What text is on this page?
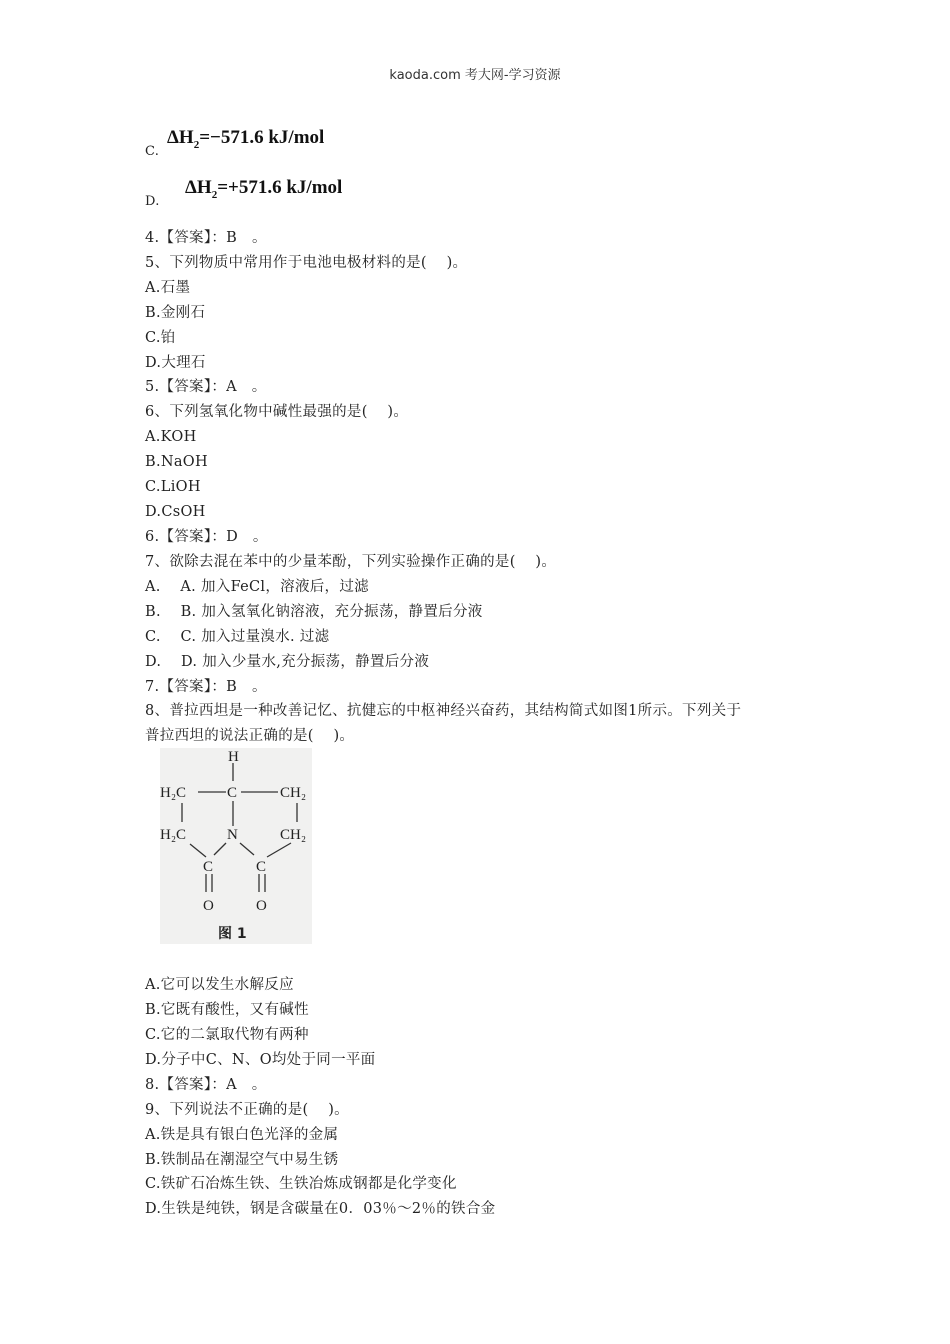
kaoda.com 考大网-学习资源
C.
$\Delta H_2=-571.6$ kJ/mol
D.
$\Delta H_2=+571.6$ kJ/mol
4.【答案】：B　。
5、下列物质中常用作于电池电极材料的是(　 )。
A.石墨
B.金刚石
C.铂
D.大理石
5.【答案】：A　。
6、下列氢氧化物中碱性最强的是(　 )。
A.KOH
B.NaOH
C.LiOH
D.CsOH
6.【答案】：D　。
7、欲除去混在苯中的少量苯酚，下列实验操作正确的是(　 )。
A.　 A. 加入FeCl，溶液后，过滤
B.　 B. 加入氢氧化钠溶液，充分振荡，静置后分液
C.　 C. 加入过量溴水. 过滤
D.　 D. 加入少量水,充分振荡，静置后分液
7.【答案】：B　。
8、普拉西坦是一种改善记忆、抗健忘的中枢神经兴奋药，其结构简式如图1所示。下列关于
普拉西坦的说法正确的是(　 )。
H
H₂C	C	CH₂
H₂C	N	CH₂
C	C
O	O
图 1
A.它可以发生水解反应
B.它既有酸性，又有碱性
C.它的二氯取代物有两种
D.分子中C、N、O均处于同一平面
8.【答案】：A　。
9、下列说法不正确的是(　 )。
A.铁是具有银白色光泽的金属
B.铁制品在潮湿空气中易生锈
C.铁矿石冶炼生铁、生铁冶炼成钢都是化学变化
D.生铁是纯铁，钢是含碳量在0．03％～2％的铁合金
